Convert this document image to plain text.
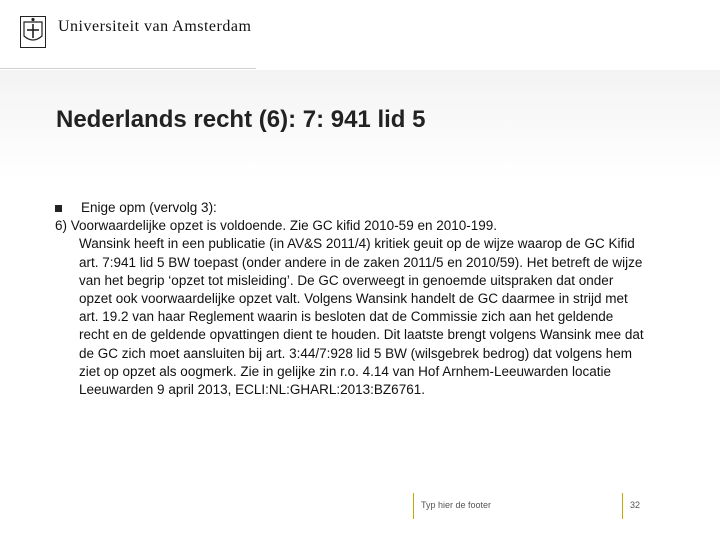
Universiteit van Amsterdam
Nederlands recht (6): 7: 941 lid 5
Enige opm (vervolg 3):

6) Voorwaardelijke opzet is voldoende. Zie GC kifid 2010-59 en 2010-199.

Wansink heeft in een publicatie (in AV&S 2011/4) kritiek geuit op de wijze waarop de GC Kifid art. 7:941 lid 5 BW toepast (onder andere in de zaken 2011/5 en 2010/59). Het betreft de wijze van het begrip ‘opzet tot misleiding’. De GC overweegt in genoemde uitspraken dat onder opzet ook voorwaardelijke opzet valt. Volgens Wansink handelt de GC daarmee in strijd met art. 19.2 van haar Reglement waarin is besloten dat de Commissie zich aan het geldende recht en de geldende opvattingen dient te houden. Dit laatste brengt volgens Wansink mee dat de GC zich moet aansluiten bij art. 3:44/7:928 lid 5 BW (wilsgebrek bedrog) dat volgens hem ziet op opzet als oogmerk. Zie in gelijke zin r.o. 4.14 van Hof Arnhem-Leeuwarden locatie Leeuwarden 9 april 2013, ECLI:NL:GHARL:2013:BZ6761.

Typ hier de footer	32
